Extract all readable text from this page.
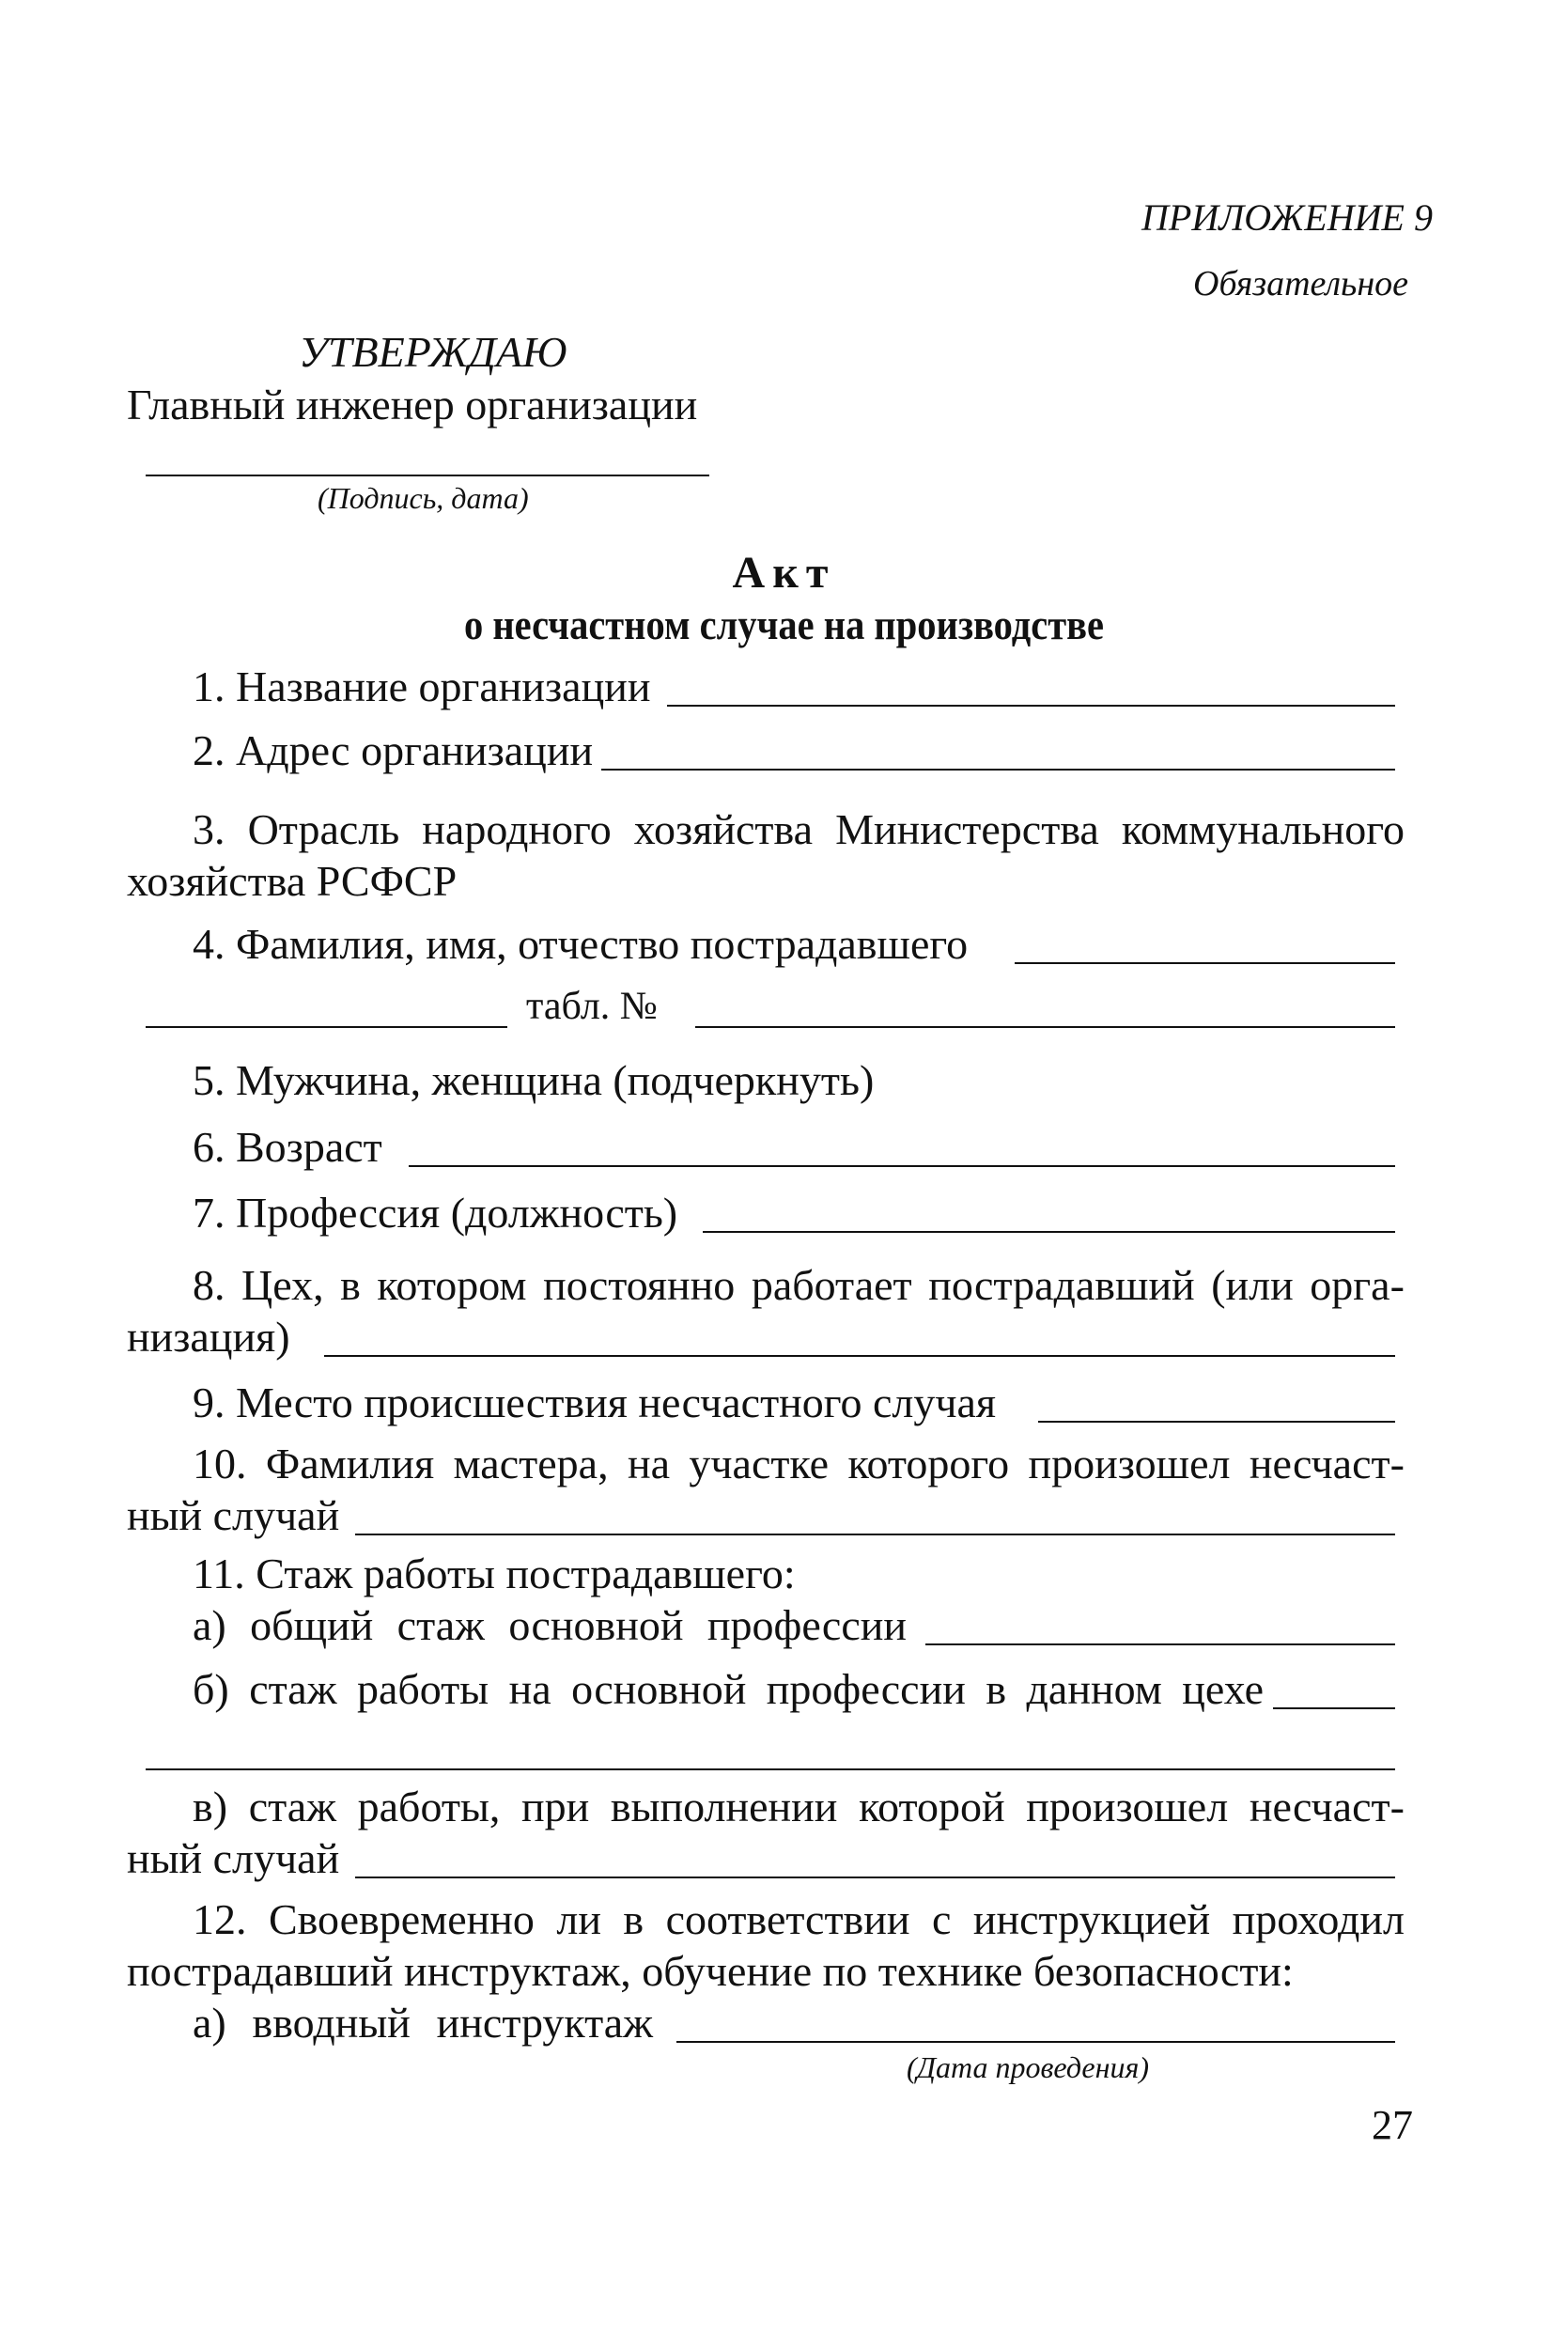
ПРИЛОЖЕНИЕ 9
Обязательное
УТВЕРЖДАЮ
Главный инженер организации
(Подпись, дата)
Акт
о несчастном случае на производстве
1. Название организации
2. Адрес организации
3. Отрасль народного хозяйства Министерства коммунального
хозяйства РСФСР
4. Фамилия, имя, отчество пострадавшего
табл. №
5. Мужчина, женщина (подчеркнуть)
6. Возраст
7. Профессия (должность)
8. Цех, в котором постоянно работает пострадавший (или орга-
низация)
9. Место происшествия несчастного случая
10. Фамилия мастера, на участке которого произошел несчаст-
ный случай
11. Стаж работы пострадавшего:
а) общий стаж основной профессии
б) стаж работы на основной профессии в данном цехе
в) стаж работы, при выполнении которой произошел несчаст-
ный случай
12. Своевременно ли в соответствии с инструкцией проходил
пострадавший инструктаж, обучение по технике безопасности:
а) вводный инструктаж
(Дата проведения)
27
